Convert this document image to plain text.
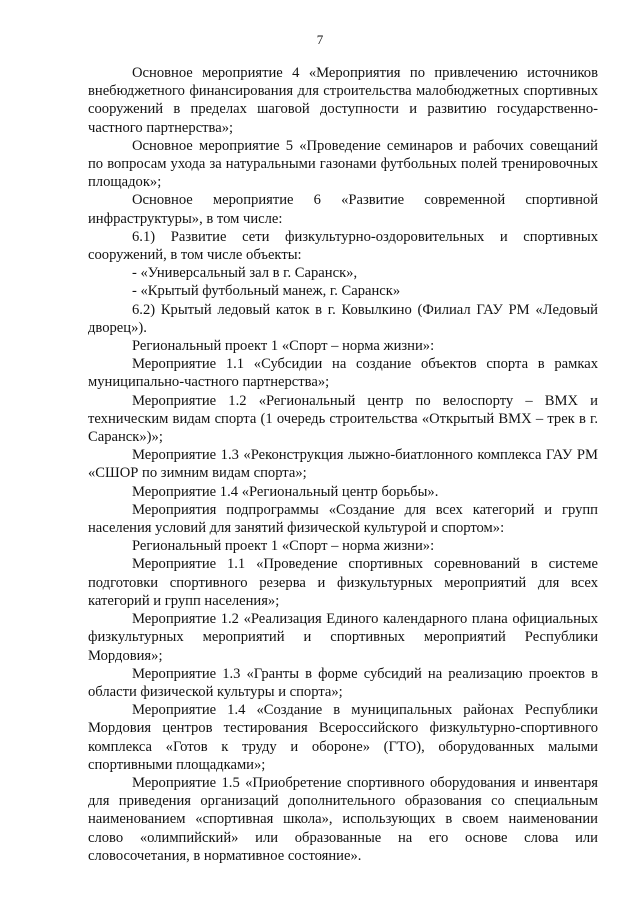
7

Основное мероприятие 4 «Мероприятия по привлечению источников внебюджетного финансирования для строительства малобюджетных спортивных сооружений в пределах шаговой доступности и развитию государственно-частного партнерства»;

Основное мероприятие 5 «Проведение семинаров и рабочих совещаний по вопросам ухода за натуральными газонами футбольных полей тренировочных площадок»;

Основное мероприятие 6 «Развитие современной спортивной инфраструктуры», в том числе:

6.1) Развитие сети физкультурно-оздоровительных и спортивных сооружений, в том числе объекты:

- «Универсальный зал в г. Саранск»,

- «Крытый футбольный манеж, г. Саранск»

6.2) Крытый ледовый каток в г. Ковылкино (Филиал ГАУ РМ «Ледовый дворец»).

Региональный проект 1 «Спорт – норма жизни»:

Мероприятие 1.1 «Субсидии на создание объектов спорта в рамках муниципально-частного партнерства»;

Мероприятие 1.2 «Региональный центр по велоспорту – BMX и техническим видам спорта (1 очередь строительства «Открытый BMX – трек в г. Саранск»)»;

Мероприятие 1.3 «Реконструкция лыжно-биатлонного комплекса ГАУ РМ «СШОР по зимним видам спорта»;

Мероприятие 1.4 «Региональный центр борьбы».

Мероприятия подпрограммы «Создание для всех категорий и групп населения условий для занятий физической культурой и спортом»:

Региональный проект 1 «Спорт – норма жизни»:

Мероприятие 1.1 «Проведение спортивных соревнований в системе подготовки спортивного резерва и физкультурных мероприятий для всех категорий и групп населения»;

Мероприятие 1.2 «Реализация Единого календарного плана официальных физкультурных мероприятий и спортивных мероприятий Республики Мордовия»;

Мероприятие 1.3 «Гранты в форме субсидий на реализацию проектов в области физической культуры и спорта»;

Мероприятие 1.4 «Создание в муниципальных районах Республики Мордовия центров тестирования Всероссийского физкультурно-спортивного комплекса «Готов к труду и обороне» (ГТО), оборудованных малыми спортивными площадками»;

Мероприятие 1.5 «Приобретение спортивного оборудования и инвентаря для приведения организаций дополнительного образования со специальным наименованием «спортивная школа», использующих в своем наименовании слово «олимпийский» или образованные на его основе слова или словосочетания, в нормативное состояние».
